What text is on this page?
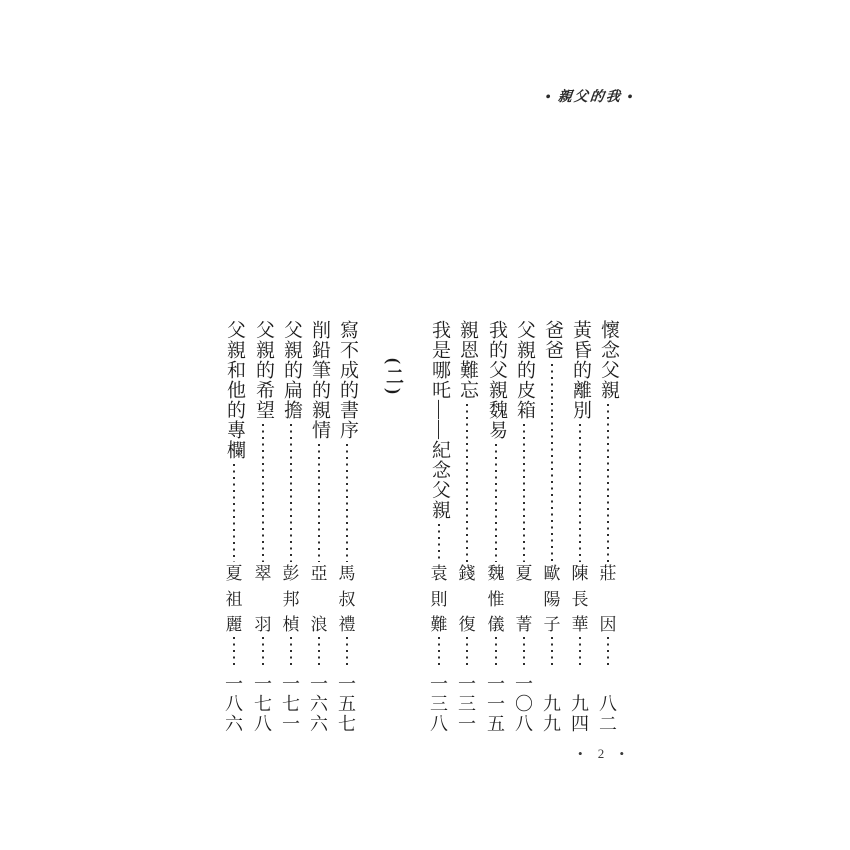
• 親父的我 •
懷念父親
莊
因
八
二
黃昏的離別
陳
長
華
九
四
爸爸
歐
陽
子
九
九
父親的皮箱
夏
菁
一
〇
八
我的父親魏易
魏
惟
儀
一
一
五
親恩難忘
錢
復
一
三
一
我是哪吒——紀念父親
袁
則
難
一
三
八
(二)
寫不成的書序
馬
叔
禮
一
五
七
削鉛筆的親情
亞
浪
一
六
六
父親的扁擔
彭
邦
楨
一
七
一
父親的希望
翠
羽
一
七
八
父親和他的專欄
夏
祖
麗
一
八
六
• 2 •
